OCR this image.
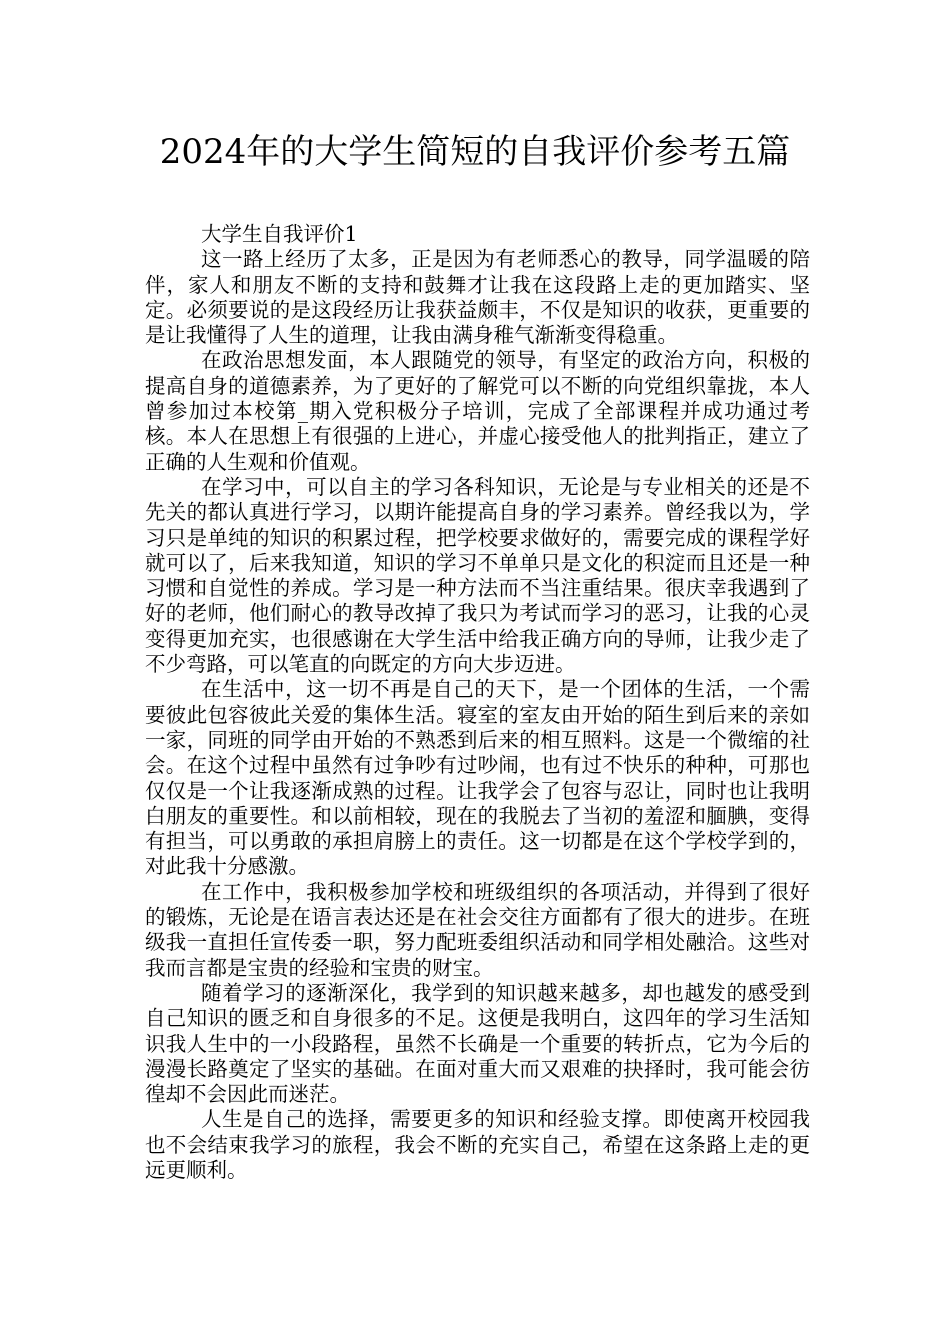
2024年的大学生简短的自我评价参考五篇

大学生自我评价1

这一路上经历了太多，正是因为有老师悉心的教导，同学温暖的陪伴，家人和朋友不断的支持和鼓舞才让我在这段路上走的更加踏实、坚定。必须要说的是这段经历让我获益颇丰，不仅是知识的收获，更重要的是让我懂得了人生的道理，让我由满身稚气渐渐变得稳重。

在政治思想发面，本人跟随党的领导，有坚定的政治方向，积极的提高自身的道德素养，为了更好的了解党可以不断的向党组织靠拢，本人曾参加过本校第_期入党积极分子培训，完成了全部课程并成功通过考核。本人在思想上有很强的上进心，并虚心接受他人的批判指正，建立了正确的人生观和价值观。

在学习中，可以自主的学习各科知识，无论是与专业相关的还是不先关的都认真进行学习，以期许能提高自身的学习素养。曾经我以为，学习只是单纯的知识的积累过程，把学校要求做好的，需要完成的课程学好就可以了，后来我知道，知识的学习不单单只是文化的积淀而且还是一种习惯和自觉性的养成。学习是一种方法而不当注重结果。很庆幸我遇到了好的老师，他们耐心的教导改掉了我只为考试而学习的恶习，让我的心灵变得更加充实，也很感谢在大学生活中给我正确方向的导师，让我少走了不少弯路，可以笔直的向既定的方向大步迈进。

在生活中，这一切不再是自己的天下，是一个团体的生活，一个需要彼此包容彼此关爱的集体生活。寝室的室友由开始的陌生到后来的亲如一家，同班的同学由开始的不熟悉到后来的相互照料。这是一个微缩的社会。在这个过程中虽然有过争吵有过吵闹，也有过不快乐的种种，可那也仅仅是一个让我逐渐成熟的过程。让我学会了包容与忍让，同时也让我明白朋友的重要性。和以前相较，现在的我脱去了当初的羞涩和腼腆，变得有担当，可以勇敢的承担肩膀上的责任。这一切都是在这个学校学到的，对此我十分感激。

在工作中，我积极参加学校和班级组织的各项活动，并得到了很好的锻炼，无论是在语言表达还是在社会交往方面都有了很大的进步。在班级我一直担任宣传委一职，努力配班委组织活动和同学相处融洽。这些对我而言都是宝贵的经验和宝贵的财宝。

随着学习的逐渐深化，我学到的知识越来越多，却也越发的感受到自己知识的匮乏和自身很多的不足。这便是我明白，这四年的学习生活知识我人生中的一小段路程，虽然不长确是一个重要的转折点，它为今后的漫漫长路奠定了坚实的基础。在面对重大而又艰难的抉择时，我可能会彷徨却不会因此而迷茫。

人生是自己的选择，需要更多的知识和经验支撑。即使离开校园我也不会结束我学习的旅程，我会不断的充实自己，希望在这条路上走的更远更顺利。
